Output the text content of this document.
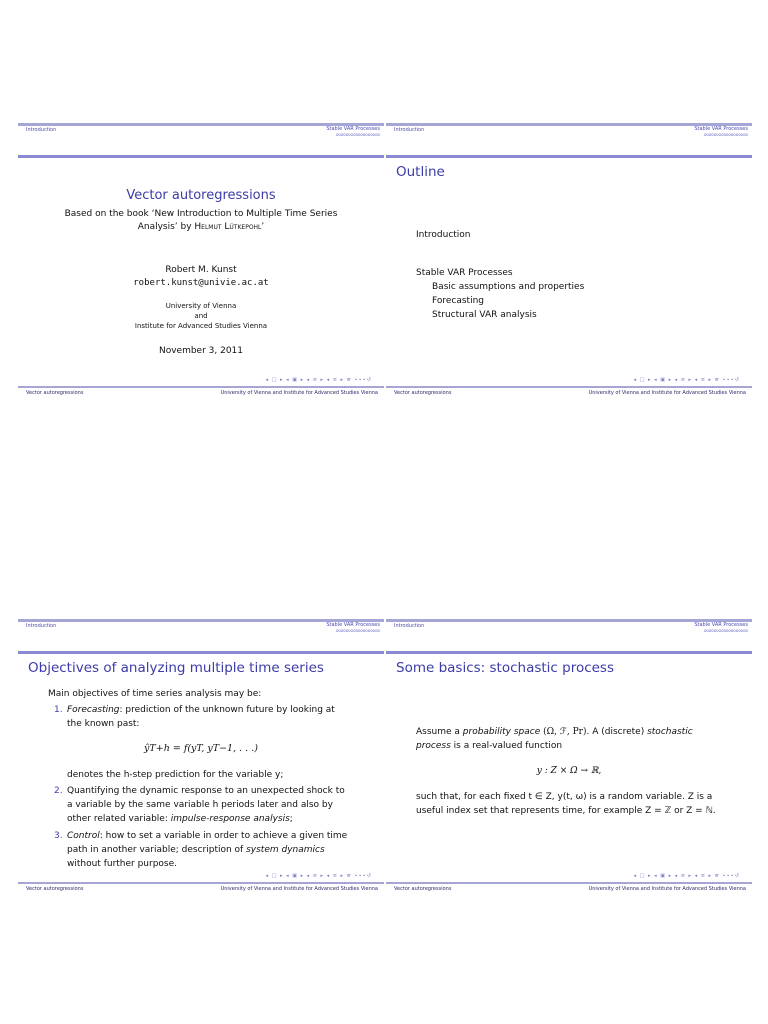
Introduction	Stable VAR Processes
oooooooooooooooooo
Vector autoregressions
Based on the book ‘New Introduction to Multiple Time Series
Analysis’ by Helmut Lütkepohl’
Robert M. Kunst
robert.kunst@univie.ac.at
University of Vienna
and
Institute for Advanced Studies Vienna
November 3, 2011
◂ □ ▸ ◂ ▣ ▸ ◂ ≡ ▸ ◂ ≡ ▸ ≣ ∙∙∙↺
Vector autoregressions	University of Vienna and Institute for Advanced Studies Vienna
Introduction	Stable VAR Processes
oooooooooooooooooo
Outline
Introduction
Stable VAR Processes
Basic assumptions and properties
Forecasting
Structural VAR analysis
◂ □ ▸ ◂ ▣ ▸ ◂ ≡ ▸ ◂ ≡ ▸ ≣ ∙∙∙↺
Vector autoregressions	University of Vienna and Institute for Advanced Studies Vienna
Introduction	Stable VAR Processes
oooooooooooooooooo
Objectives of analyzing multiple time series
Main objectives of time series analysis may be:
1. Forecasting: prediction of the unknown future by looking at
the known past:
ŷT+h = f(yT, yT−1, . . .)
denotes the h-step prediction for the variable y;
2. Quantifying the dynamic response to an unexpected shock to
a variable by the same variable h periods later and also by
other related variable: impulse-response analysis;
3. Control: how to set a variable in order to achieve a given time
path in another variable; description of system dynamics
without further purpose.
◂ □ ▸ ◂ ▣ ▸ ◂ ≡ ▸ ◂ ≡ ▸ ≣ ∙∙∙↺
Vector autoregressions	University of Vienna and Institute for Advanced Studies Vienna
Introduction	Stable VAR Processes
oooooooooooooooooo
Some basics: stochastic process
Assume a probability space (Ω, ℱ, Pr). A (discrete) stochastic
process is a real-valued function
y : Z × Ω → ℝ,
such that, for each fixed t ∈ Z, y(t, ω) is a random variable. Z is a
useful index set that represents time, for example Z = ℤ or Z = ℕ.
◂ □ ▸ ◂ ▣ ▸ ◂ ≡ ▸ ◂ ≡ ▸ ≣ ∙∙∙↺
Vector autoregressions	University of Vienna and Institute for Advanced Studies Vienna
